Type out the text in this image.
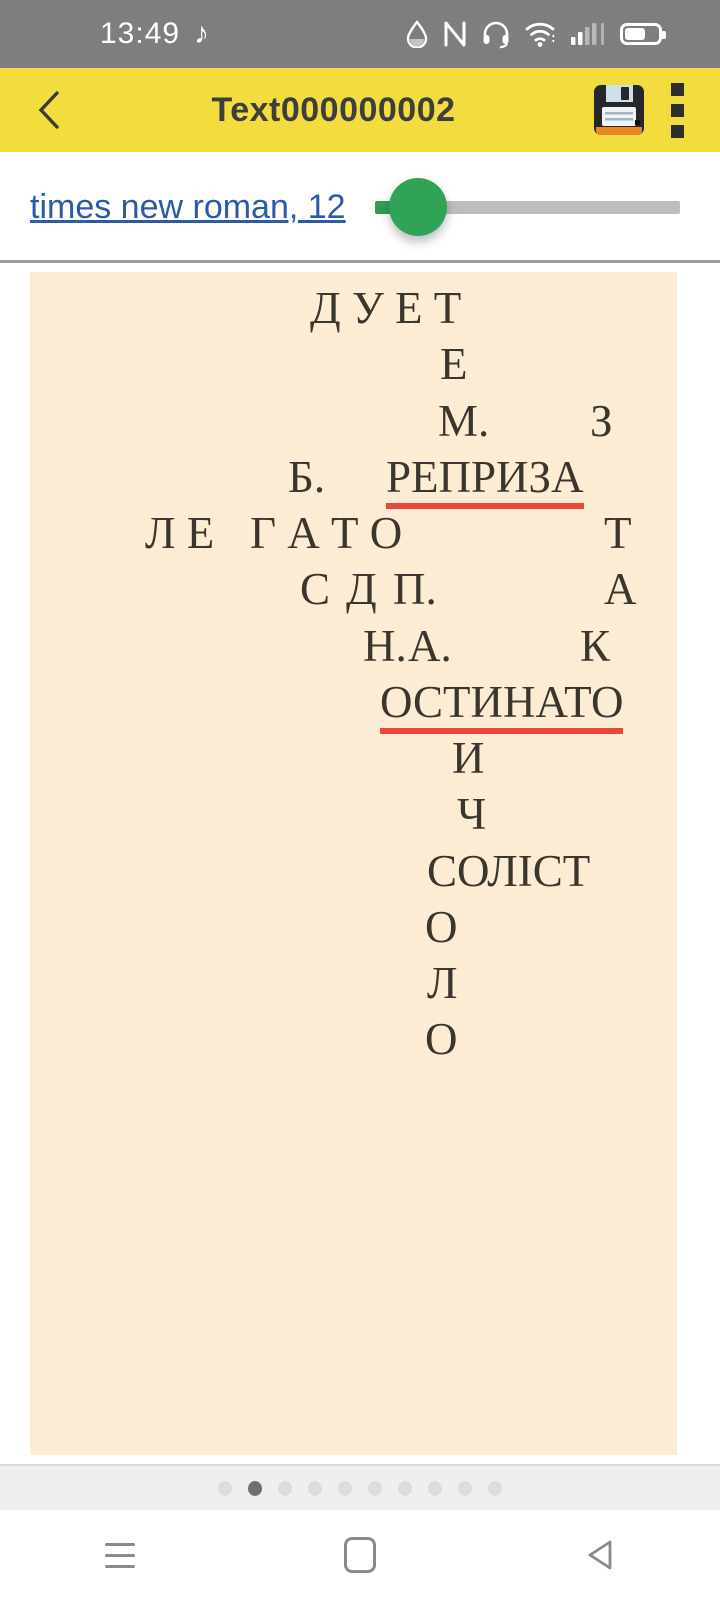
13:49 ♪
Text000000002
times new roman, 12
Д У Е Т
Е
М. З
Б. РЕПРИЗА
Л Е Г А Т О	Т
С Д П.	А
Н. А.	К
ОСТИНАТО
И
Ч
СОЛІСТ
О
Л
О
